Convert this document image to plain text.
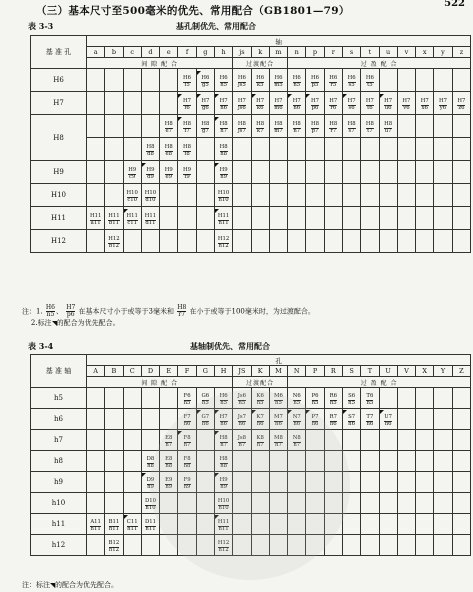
522
（三）基本尺寸至500毫米的优先、常用配合（GB1801—79）
表 3-3	基孔制优先、常用配合
基 准 孔	轴																				
	a	b	c	d	e	f	g	h	js	k	m	n	p	r	s	t	u	v	x	y	z
	间 隙 配 合								过渡配合			过 盈 配 合									
H6						$\frac{H6}{f5}$	$\frac{H6}{g5}$	$\frac{H6}{h5}$	$\frac{H6}{js5}$	$\frac{H6}{k5}$	$\frac{H6}{m5}$	$\frac{H6}{n5}$	$\frac{H6}{p5}$	$\frac{H6}{r5}$	$\frac{H6}{s5}$	$\frac{H6}{t5}$

H7						$\frac{H7}{f6}$	$\frac{H7}{g6}$	$\frac{H7}{h6}$	$\frac{H7}{js6}$	$\frac{H7}{k6}$	$\frac{H7}{m6}$	$\frac{H7}{n6}$	$\frac{H7}{p6}$	$\frac{H7}{r6}$	$\frac{H7}{s6}$	$\frac{H7}{t6}$	$\frac{H7}{u6}$	$\frac{H7}{v6}$	$\frac{H7}{x6}$	$\frac{H7}{y6}$	$\frac{H7}{z6}$

H8					$\frac{H8}{e7}$	$\frac{H8}{f7}$	$\frac{H8}{g7}$	$\frac{H8}{h7}$	$\frac{H8}{js7}$	$\frac{H8}{k7}$	$\frac{H8}{m7}$	$\frac{H8}{n7}$	$\frac{H8}{p7}$	$\frac{H8}{r7}$	$\frac{H8}{s7}$	$\frac{H8}{t7}$	$\frac{H8}{u7}$

				$\frac{H8}{d8}$	$\frac{H8}{e8}$	$\frac{H8}{f8}$		$\frac{H8}{h8}$

H9			$\frac{H9}{c9}$	$\frac{H9}{d9}$	$\frac{H9}{e9}$	$\frac{H9}{f9}$		$\frac{H9}{h9}$

H10			$\frac{H10}{c10}$	$\frac{H10}{d10}$				$\frac{H10}{h10}$

H11	$\frac{H11}{a11}$	$\frac{H11}{b11}$	$\frac{H11}{c11}$	$\frac{H11}{d11}$				$\frac{H11}{h11}$

H12		$\frac{H12}{b12}$						$\frac{H12}{h12}$

注：1. $\frac{H6}{n5}$ 、 $\frac{H7}{p6}$ 在基本尺寸小于或等于3毫米和 $\frac{H8}{r7}$ 在小于或等于100毫米时，为过渡配合。
2.标注 的配合为优先配合。
表 3-4	基轴制优先、常用配合
基 准 轴	孔																				
	A	B	C	D	E	F	G	H	JS	K	M	N	P	R	S	T	U	V	X	Y	Z
	间 隙 配 合								过渡配合			过 盈 配 合									
h5						$\frac{F6}{h5}$	$\frac{G6}{h5}$	$\frac{H6}{h5}$	$\frac{Js6}{h5}$	$\frac{K6}{h5}$	$\frac{M6}{h5}$	$\frac{N6}{h5}$	$\frac{P6}{h5}$	$\frac{R6}{h5}$	$\frac{S6}{h5}$	$\frac{T6}{h5}$

h6						$\frac{F7}{h6}$	$\frac{G7}{h6}$	$\frac{H7}{h6}$	$\frac{Js7}{h6}$	$\frac{K7}{h6}$	$\frac{M7}{h6}$	$\frac{N7}{h6}$	$\frac{P7}{h6}$	$\frac{R7}{h6}$	$\frac{S7}{h6}$	$\frac{T7}{h6}$	$\frac{U7}{h6}$

h7					$\frac{E8}{h7}$	$\frac{F8}{h7}$		$\frac{H8}{h7}$	$\frac{Js8}{h7}$	$\frac{K8}{h7}$	$\frac{M8}{h7}$	$\frac{N8}{h7}$

h8				$\frac{D8}{h8}$	$\frac{E8}{h8}$	$\frac{F8}{h8}$		$\frac{H8}{h8}$

h9				$\frac{D9}{h9}$	$\frac{E9}{h9}$	$\frac{F9}{h9}$		$\frac{H9}{h9}$

h10				$\frac{D10}{h10}$				$\frac{H10}{h10}$

h11	$\frac{A11}{h11}$	$\frac{B11}{h11}$	$\frac{C11}{h11}$	$\frac{D11}{h11}$				$\frac{H11}{h11}$

h12		$\frac{B12}{h12}$						$\frac{H12}{h12}$

注：标注 的配合为优先配合。
